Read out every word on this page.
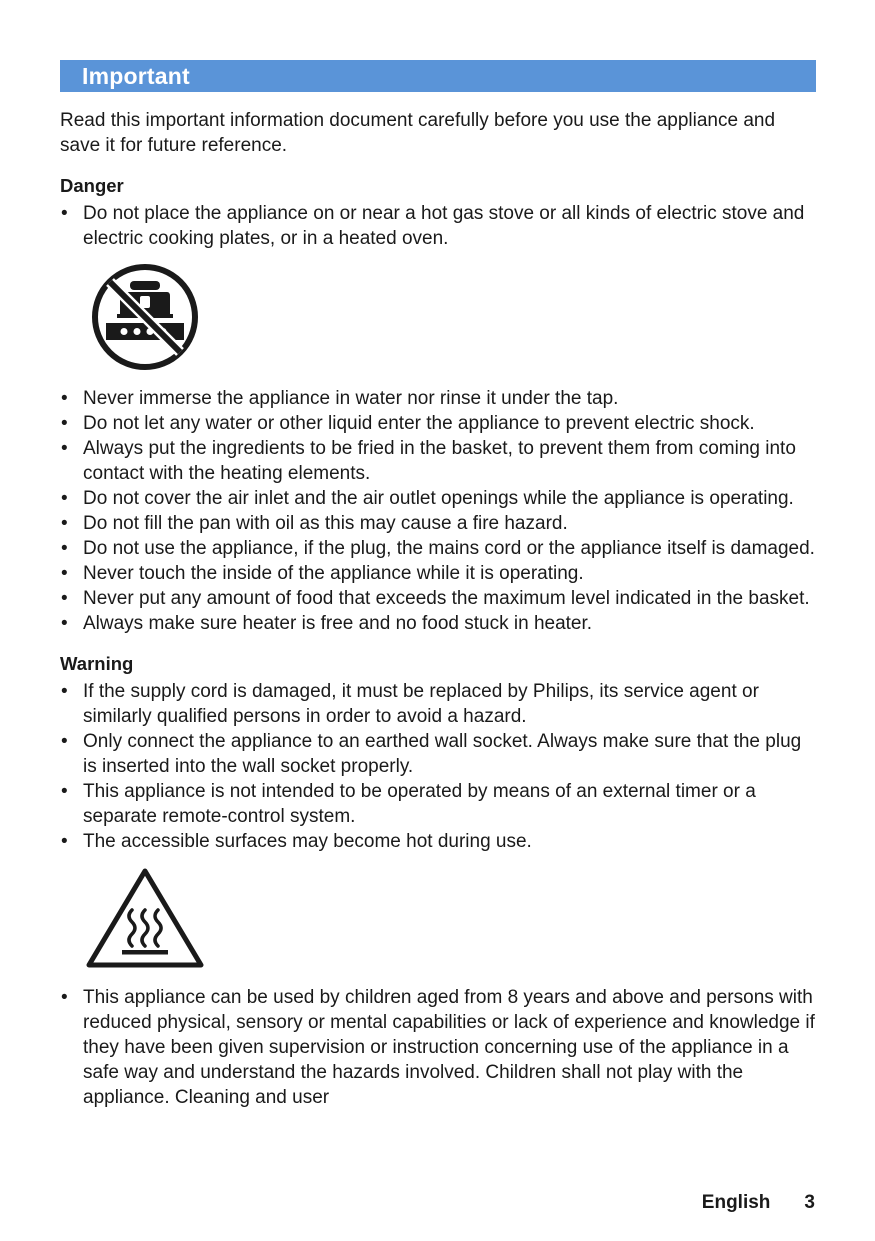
Important
Read this important information document carefully before you use the appliance and save it for future reference.
Danger
• Do not place the appliance on or near a hot gas stove or all kinds of electric stove and electric cooking plates, or in a heated oven.
• Never immerse the appliance in water nor rinse it under the tap.
• Do not let any water or other liquid enter the appliance to prevent electric shock.
• Always put the ingredients to be fried in the basket, to prevent them from coming into contact with the heating elements.
• Do not cover the air inlet and the air outlet openings while the appliance is operating.
• Do not fill the pan with oil as this may cause a fire hazard.
• Do not use the appliance, if the plug, the mains cord or the appliance itself is damaged.
• Never touch the inside of the appliance while it is operating.
• Never put any amount of food that exceeds the maximum level indicated in the basket.
• Always make sure heater is free and no food stuck in heater.
Warning
• If the supply cord is damaged, it must be replaced by Philips, its service agent or similarly qualified persons in order to avoid a hazard.
• Only connect the appliance to an earthed wall socket. Always make sure that the plug is inserted into the wall socket properly.
• This appliance is not intended to be operated by means of an external timer or a separate remote-control system.
• The accessible surfaces may become hot during use.
• This appliance can be used by children aged from 8 years and above and persons with reduced physical, sensory or mental capabilities or lack of experience and knowledge if they have been given supervision or instruction concerning use of the appliance in a safe way and understand the hazards involved. Children shall not play with the appliance. Cleaning and user
English 3
